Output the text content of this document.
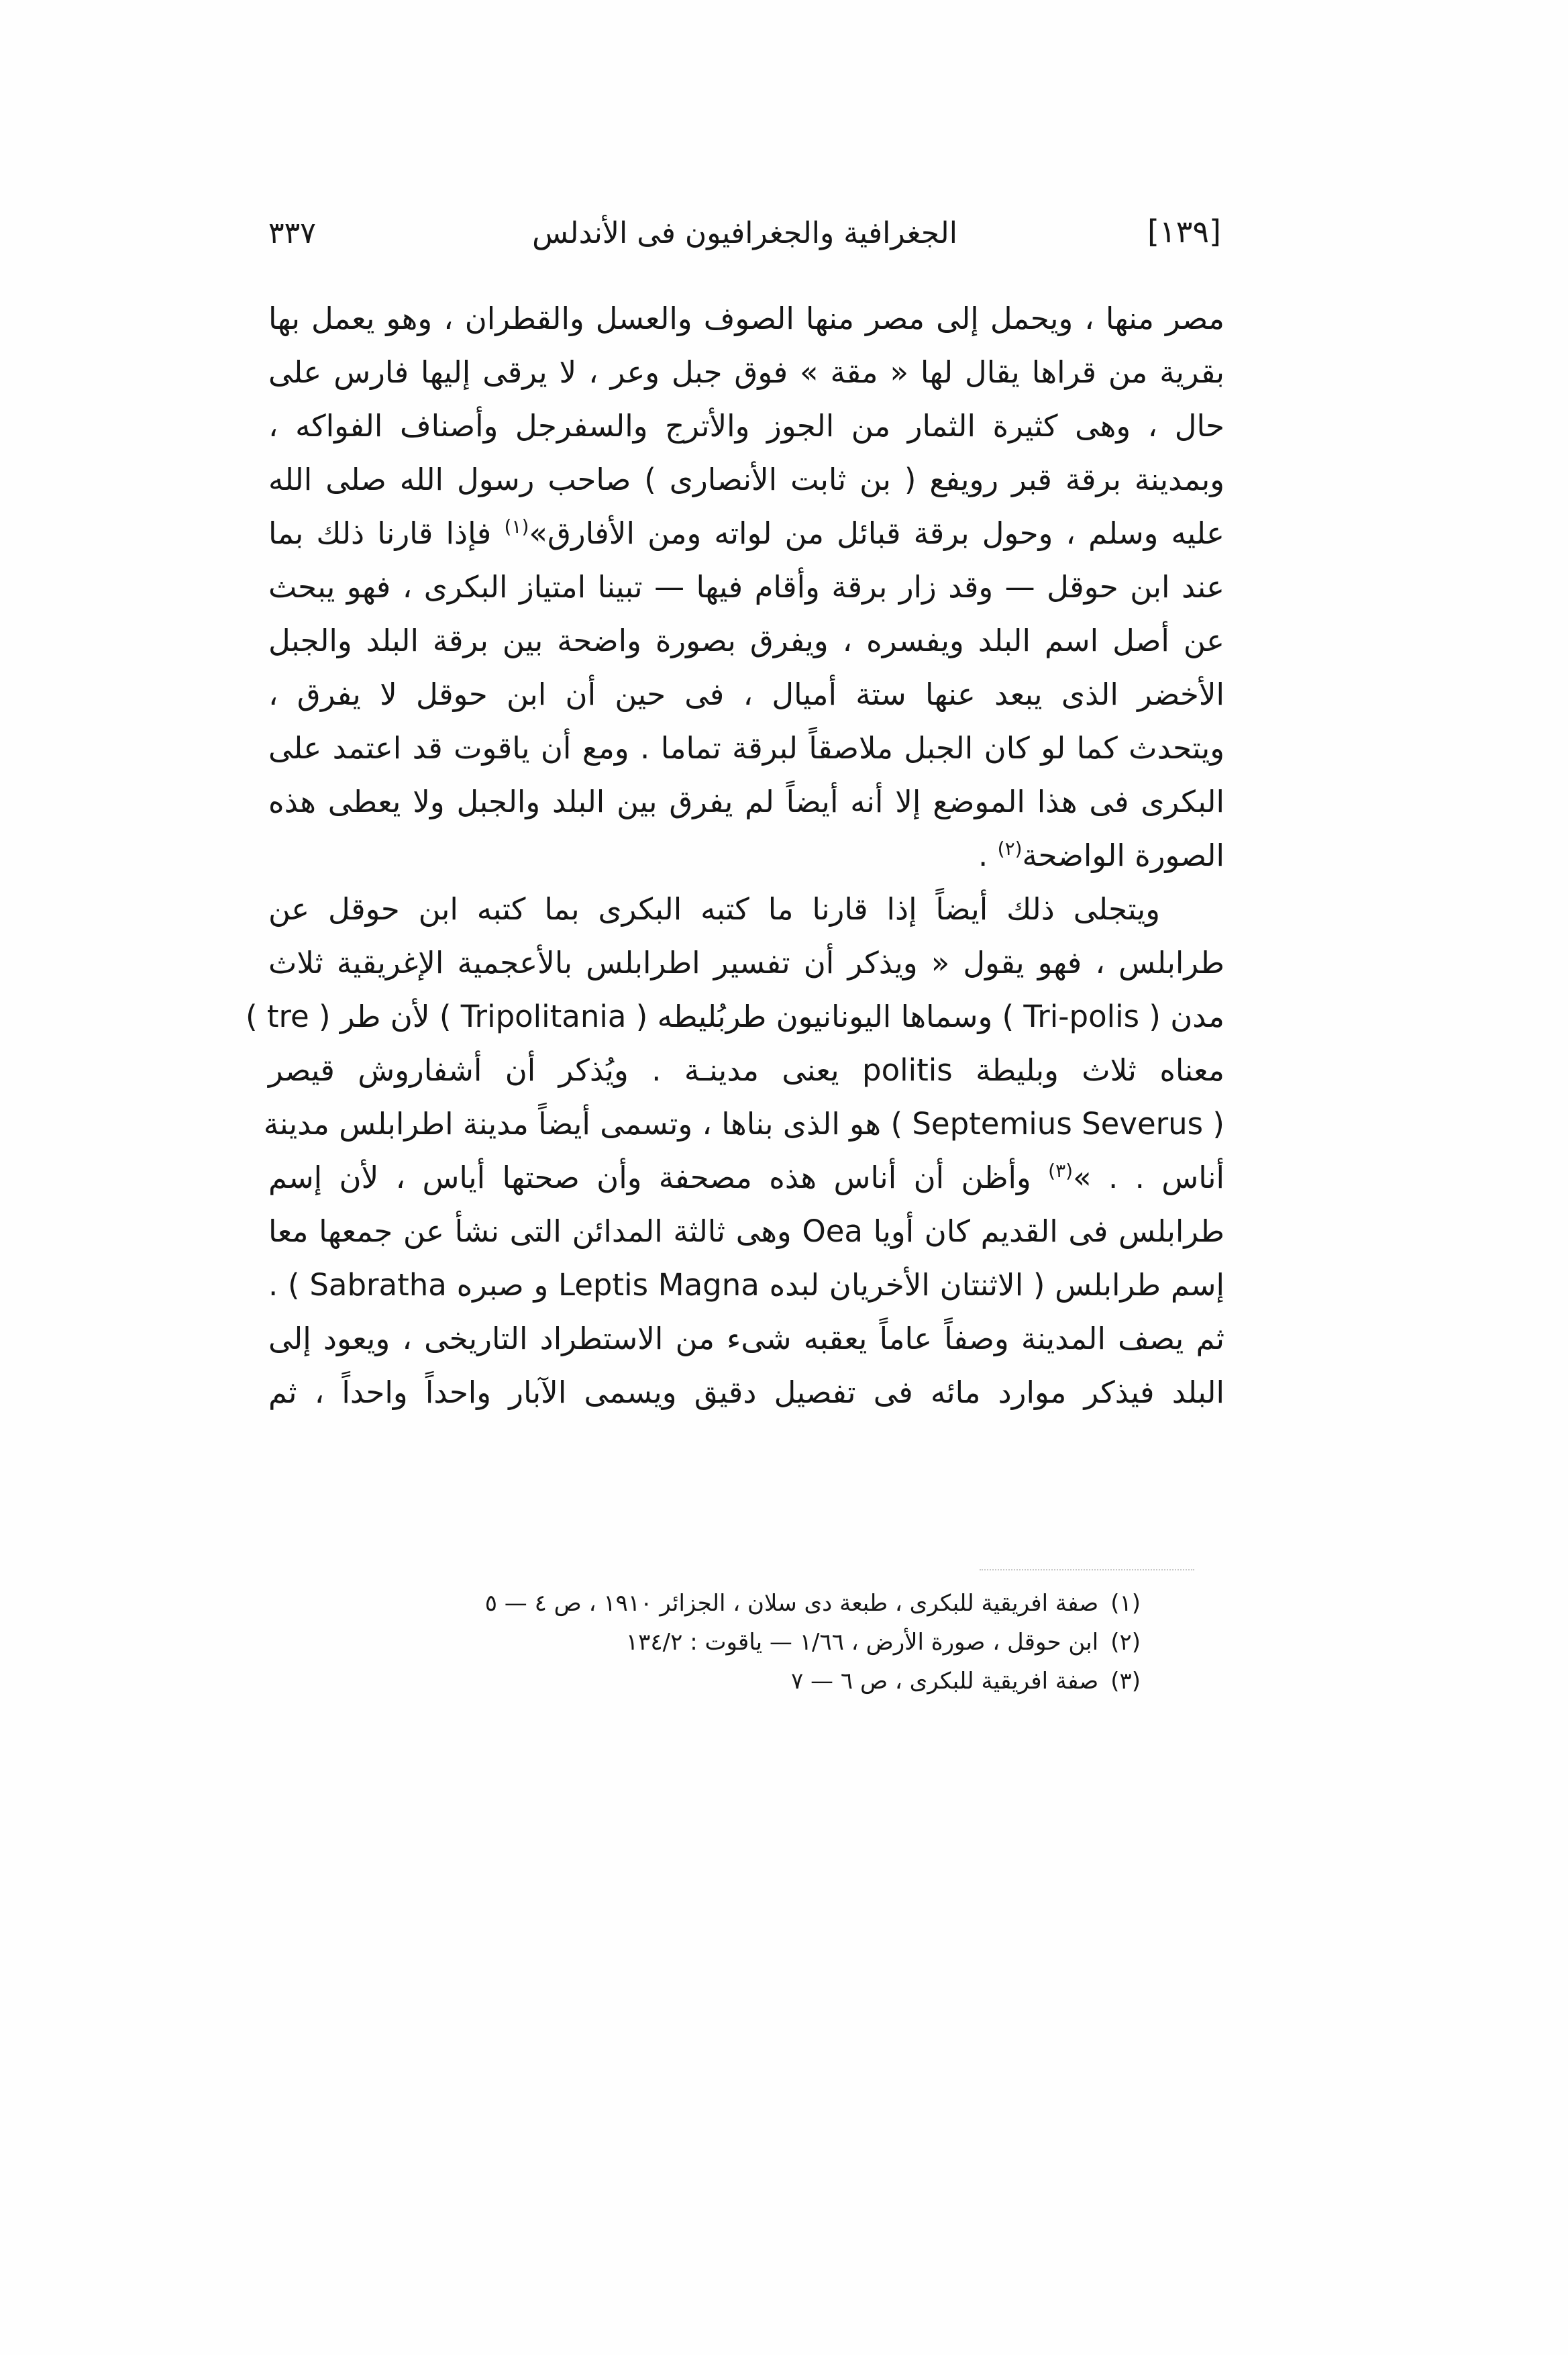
[١٣٩]
الجغرافية والجغرافيون فى الأندلس
٣٣٧
مصر منها ، ويحمل إلى مصر منها الصوف والعسل والقطران ، وهو يعمل بها
بقرية من قراها يقال لها « مقة » فوق جبل وعر ، لا يرقى إليها فارس على
حال ، وهى كثيرة الثمار من الجوز والأترج والسفرجل وأصناف الفواكه ،
وبمدينة برقة قبر رويفع ( بن ثابت الأنصارى ) صاحب رسول الله صلى الله
عليه وسلم ، وحول برقة قبائل من لواته ومن الأفارق»$^{(١)}$ فإذا قارنا ذلك بما
عند ابن حوقل — وقد زار برقة وأقام فيها — تبينا امتياز البكرى ، فهو يبحث
عن أصل اسم البلد ويفسره ، ويفرق بصورة واضحة بين برقة البلد والجبل
الأخضر الذى يبعد عنها ستة أميال ، فى حين أن ابن حوقل لا يفرق ،
ويتحدث كما لو كان الجبل ملاصقاً لبرقة تماما . ومع أن ياقوت قد اعتمد على
البكرى فى هذا الموضع إلا أنه أيضاً لم يفرق بين البلد والجبل ولا يعطى هذه
الصورة الواضحة$^{(٢)}$ .
ويتجلى ذلك أيضاً إذا قارنا ما كتبه البكرى بما كتبه ابن حوقل عن
طرابلس ، فهو يقول « ويذكر أن تفسير اطرابلس بالأعجمية الإغريقية ثلاث
مدن ( Tri-polis ) وسماها اليونانيون طربُليطه ( Tripolitania ) لأن طر ( tre )
معناه ثلاث وبليطة politis يعنى مدينـة . ويُذكر أن أشفاروش قيصر
( Septemius Severus ) هو الذى بناها ، وتسمى أيضاً مدينة اطرابلس مدينة
أناس . . »$^{(٣)}$ وأظن أن أناس هذه مصحفة وأن صحتها أياس ، لأن إسم
طرابلس فى القديم كان أويا Oea وهى ثالثة المدائن التى نشأ عن جمعها معا
إسم طرابلس ( الاثنتان الأخريان لبده Leptis Magna و صبره Sabratha ) .
ثم يصف المدينة وصفاً عاماً يعقبه شىء من الاستطراد التاريخى ، ويعود إلى
البلد فيذكر موارد مائه فى تفصيل دقيق ويسمى الآبار واحداً واحداً ، ثم
(١)صفة افريقية للبكرى ، طبعة دى سلان ، الجزائر ١٩١٠ ، ص ٤ — ٥
(٢)ابن حوقل ، صورة الأرض ، ١/٦٦ — ياقوت : ١٣٤/٢
(٣)صفة افريقية للبكرى ، ص ٦ — ٧
